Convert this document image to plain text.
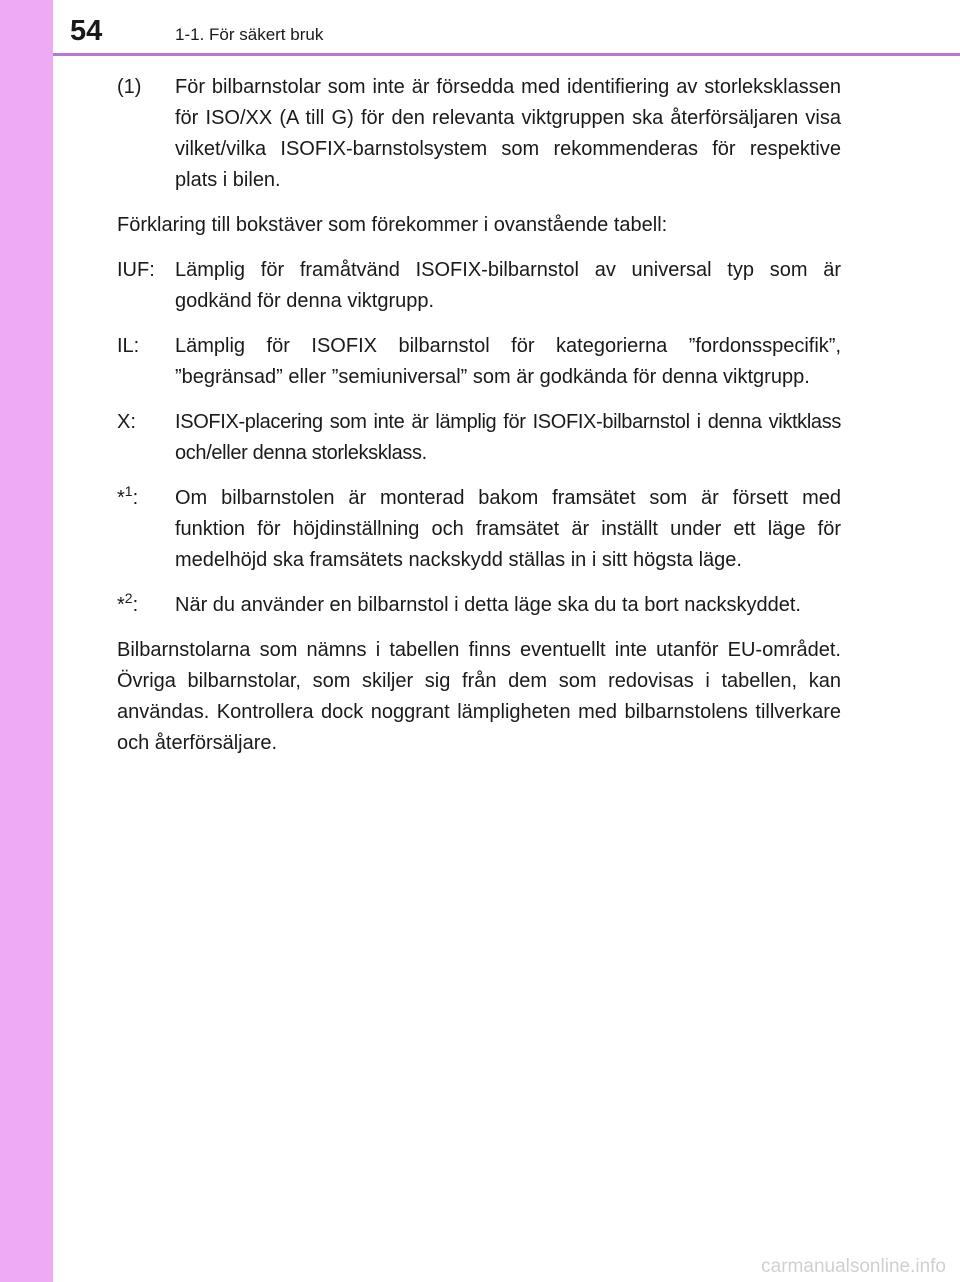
54	1-1. För säkert bruk
(1)	För bilbarnstolar som inte är försedda med identifiering av storleksklassen för ISO/XX (A till G) för den relevanta viktgruppen ska återförsäljaren visa vilket/vilka ISOFIX-barnstolsystem som rekommenderas för respektive plats i bilen.

Förklaring till bokstäver som förekommer i ovanstående tabell:

IUF:	Lämplig för framåtvänd ISOFIX-bilbarnstol av universal typ som är godkänd för denna viktgrupp.
IL:	Lämplig för ISOFIX bilbarnstol för kategorierna ”fordonsspecifik”, ”begränsad” eller ”semiuniversal” som är godkända för denna viktgrupp.
X:	ISOFIX-placering som inte är lämplig för ISOFIX-bilbarnstol i denna viktklass och/eller denna storleksklass.
*$^1$:	Om bilbarnstolen är monterad bakom framsätet som är försett med funktion för höjdinställning och framsätet är inställt under ett läge för medelhöjd ska framsätets nackskydd ställas in i sitt högsta läge.
*$^2$:	När du använder en bilbarnstol i detta läge ska du ta bort nackskyddet.

Bilbarnstolarna som nämns i tabellen finns eventuellt inte utanför EU-området. Övriga bilbarnstolar, som skiljer sig från dem som redovisas i tabellen, kan användas. Kontrollera dock noggrant lämpligheten med bilbarnstolens tillverkare och återförsäljare.

carmanualsonline.info
